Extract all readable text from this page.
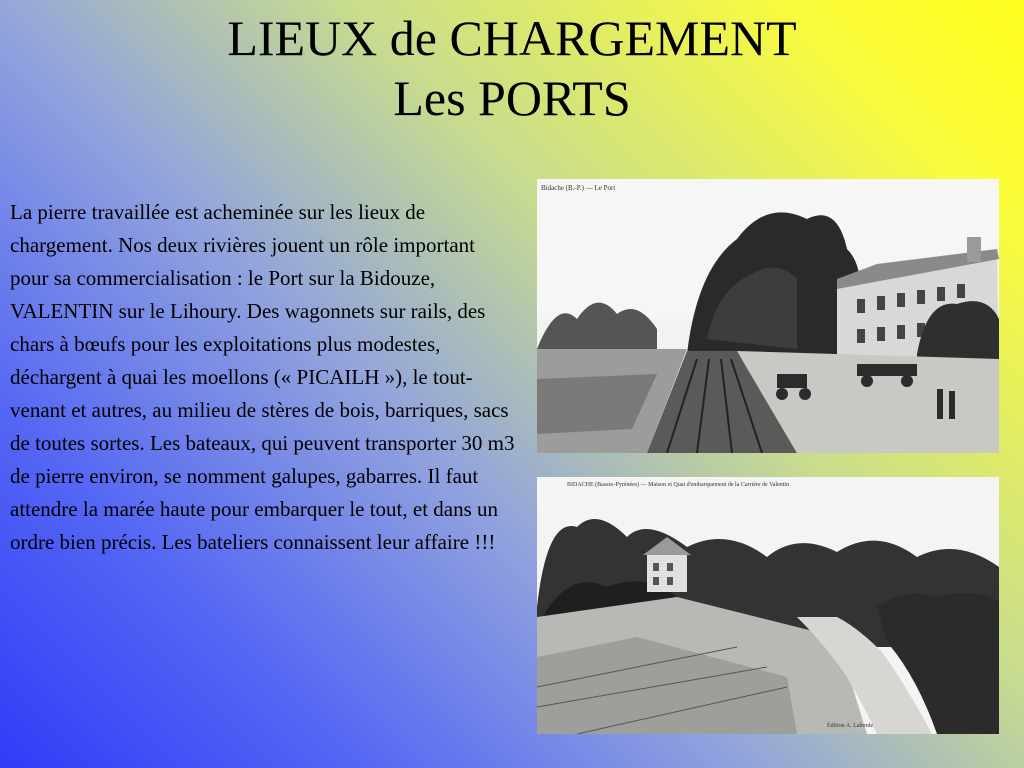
LIEUX de CHARGEMENT
Les PORTS

La pierre travaillée est acheminée sur les lieux de chargement. Nos deux rivières jouent un rôle important pour sa commercialisation : le Port sur la Bidouze, VALENTIN sur le Lihoury. Des wagonnets sur rails, des chars à bœufs pour les exploitations plus modestes, déchargent à quai les moellons (« PICAILH »), le tout-venant et autres, au milieu de stères de bois, barriques, sacs de toutes sortes. Les bateaux, qui peuvent transporter 30 m3 de pierre environ, se nomment galupes, gabarres. Il faut attendre la marée haute pour embarquer le tout, et dans un ordre bien précis. Les bateliers connaissent leur affaire !!!

Bidache (B.-P.) — Le Port
BIDACHE (Basses-Pyrénées) — Maison et Quai d'embarquement de la Carrière de Valentin
Édition A. Laborde
